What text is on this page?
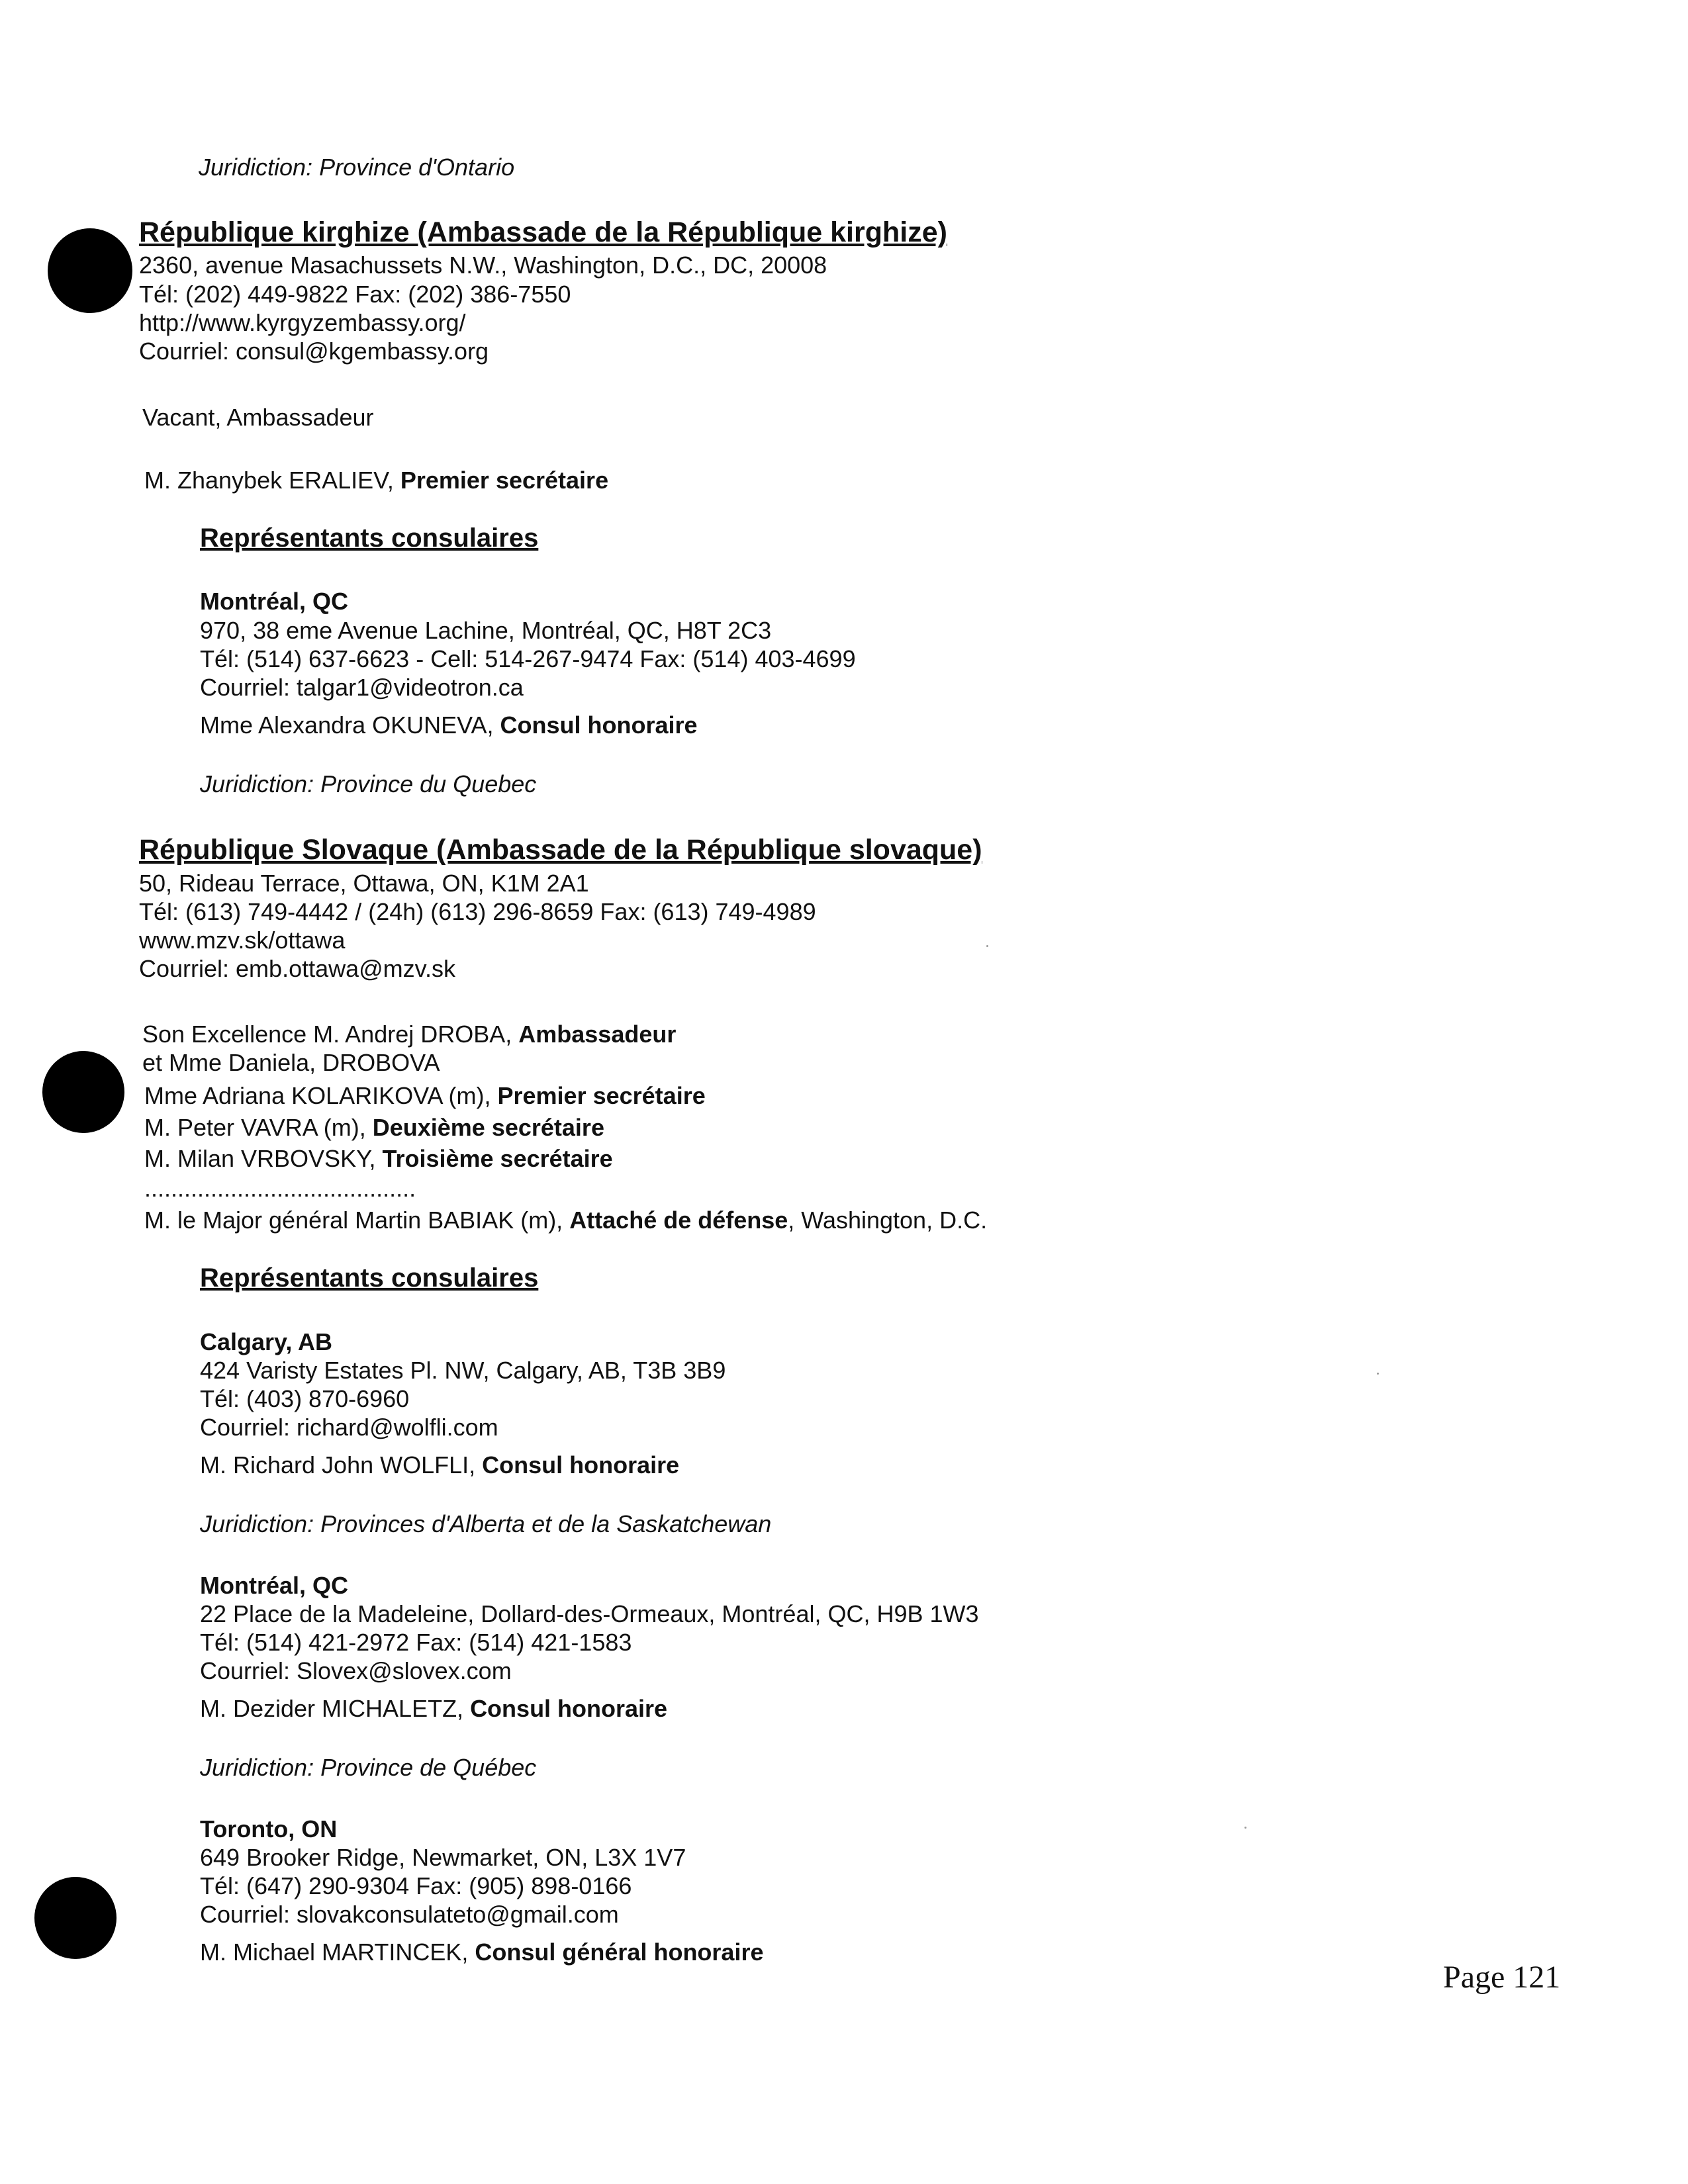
Juridiction: Province d'Ontario
République kirghize (Ambassade de la République kirghize)
2360, avenue Masachussets N.W., Washington, D.C., DC, 20008
Tél: (202) 449-9822 Fax: (202) 386-7550
http://www.kyrgyzembassy.org/
Courriel: consul@kgembassy.org
Vacant, Ambassadeur
M. Zhanybek ERALIEV, Premier secrétaire
Représentants consulaires
Montréal, QC
970, 38 eme Avenue Lachine, Montréal, QC, H8T 2C3
Tél: (514) 637-6623 - Cell: 514-267-9474 Fax: (514) 403-4699
Courriel: talgar1@videotron.ca
Mme Alexandra OKUNEVA, Consul honoraire
Juridiction: Province du Quebec
République Slovaque (Ambassade de la République slovaque)
50, Rideau Terrace, Ottawa, ON, K1M 2A1
Tél: (613) 749-4442 / (24h) (613) 296-8659 Fax: (613) 749-4989
www.mzv.sk/ottawa
Courriel: emb.ottawa@mzv.sk
Son Excellence M. Andrej DROBA, Ambassadeur
et Mme Daniela, DROBOVA
Mme Adriana KOLARIKOVA (m), Premier secrétaire
M. Peter VAVRA (m), Deuxième secrétaire
M. Milan VRBOVSKY, Troisième secrétaire
.........................................
M. le Major général Martin BABIAK (m), Attaché de défense, Washington, D.C.
Représentants consulaires
Calgary, AB
424 Varisty Estates Pl. NW, Calgary, AB, T3B 3B9
Tél: (403) 870-6960
Courriel: richard@wolfli.com
M. Richard John WOLFLI, Consul honoraire
Juridiction: Provinces d'Alberta et de la Saskatchewan
Montréal, QC
22 Place de la Madeleine, Dollard-des-Ormeaux, Montréal, QC, H9B 1W3
Tél: (514) 421-2972 Fax: (514) 421-1583
Courriel: Slovex@slovex.com
M. Dezider MICHALETZ, Consul honoraire
Juridiction: Province de Québec
Toronto, ON
649 Brooker Ridge, Newmarket, ON, L3X 1V7
Tél: (647) 290-9304 Fax: (905) 898-0166
Courriel: slovakconsulateto@gmail.com
M. Michael MARTINCEK, Consul général honoraire
Page 121
